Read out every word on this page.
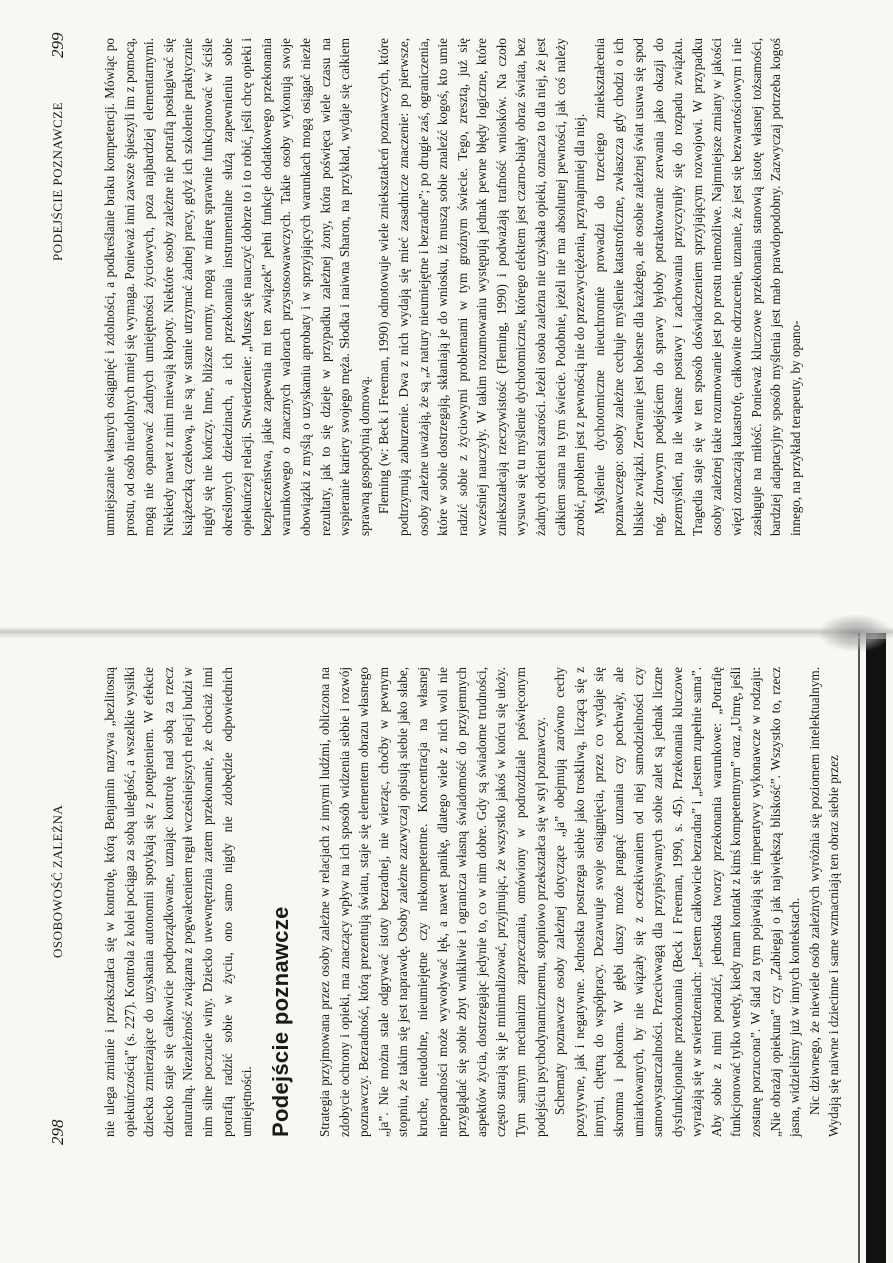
298
OSOBOWOŚĆ ZALEŻNA	nie ulega zmianie i przekształca się w kontrolę, którą Benjamin nazywa „bezlitosną opiekuńczością” (s. 227). Kontrola z kolei pociąga za sobą uległość, a wszelkie wysiłki dziecka zmierzające do uzyskania autonomii spotykają się z potępieniem. W efekcie dziecko staje się całkowicie podporządkowane, uznając kontrolę nad sobą za rzecz naturalną. Niezależność związana z pogwałceniem reguł wcześniejszych relacji budzi w nim silne poczucie winy. Dziecko uwewnętrznia zatem przekonanie, że chociaż inni potrafią radzić sobie w życiu, ono samo nigdy nie zdobędzie odpowiednich umiejętności. Podejście poznawcze Strategia przyjmowana przez osoby zależne w relacjach z innymi ludźmi, obliczona na zdobycie ochrony i opieki, ma znaczący wpływ na ich sposób widzenia siebie i rozwój poznawczy. Bezradność, którą prezentują światu, staje się elementem obrazu własnego „ja”. Nie można stale odgrywać istoty bezradnej, nie wierząc, choćby w pewnym stopniu, że takim się jest naprawdę. Osoby zależne zazwyczaj opisują siebie jako słabe, kruche, nieudolne, nieumiejętne czy niekompetentne. Koncentracja na własnej nieporadności może wywoływać lęk, a nawet panikę, dlatego wiele z nich woli nie przyglądać się sobie zbyt wnikliwie i ogranicza własną świadomość do przyjemnych aspektów życia, dostrzegając jedynie to, co w nim dobre. Gdy są świadome trudności, często starają się je minimalizować, przyjmując, że wszystko jakoś w końcu się ułoży. Tym samym mechanizm zaprzeczania, omówiony w podrozdziale poświęconym podejściu psychodynamicznemu, stopniowo przekształca się w styl poznawczy. Schematy poznawcze osoby zależnej dotyczące „ja” obejmują zarówno cechy pozytywne, jak i negatywne. Jednostka postrzega siebie jako troskliwą, liczącą się z innymi, chętną do współpracy. Dezawuuje swoje osiągnięcia, przez co wydaje się skromna i pokorna. W głębi duszy może pragnąć uznania czy pochwały, ale umiarkowanych, by nie wiązały się z oczekiwaniem od niej samodzielności czy samowystarczalności. Przeciwwagą dla przypisywanych sobie zalet są jednak liczne dysfunkcjonalne przekonania (Beck i Freeman, 1990, s. 45). Przekonania kluczowe wyrażają się w stwierdzeniach: „Jestem całkowicie bezradna” i „Jestem zupełnie sama”. Aby sobie z nimi poradzić, jednostka tworzy przekonania warunkowe: „Potrafię funkcjonować tylko wtedy, kiedy mam kontakt z kimś kompetentnym” oraz „Umrę, jeśli zostanę porzucona”. W ślad za tym pojawiają się imperatywy wykonawcze w rodzaju: „Nie obrażaj opiekuna” czy „Zabiegaj o jak największą bliskość”. Wszystko to, rzecz jasna, widzieliśmy już w innych kontekstach. Nic dziwnego, że niewiele osób zależnych wyróżnia się poziomem intelektualnym. Wydają się naiwne i dziecinne i same wzmacniają ten obraz siebie przez

PODEJŚCIE POZNAWCZE
299	umniejszanie własnych osiągnięć i zdolności, a podkreślanie braku kompetencji. Mówiąc po prostu, od osób nieudolnych mniej się wymaga. Ponieważ inni zawsze śpieszyli im z pomocą, mogą nie opanować żadnych umiejętności życiowych, poza najbardziej elementarnymi. Niekiedy nawet z nimi miewają kłopoty. Niektóre osoby zależne nie potrafią posługiwać się książeczką czekową, nie są w stanie utrzymać żadnej pracy, gdyż ich szkolenie praktycznie nigdy się nie kończy. Inne, bliższe normy, mogą w miarę sprawnie funkcjonować w ściśle określonych dziedzinach, a ich przekonania instrumentalne służą zapewnieniu sobie opiekuńczej relacji. Stwierdzenie: „Muszę się nauczyć dobrze to i to robić, jeśli chcę opieki i bezpieczeństwa, jakie zapewnia mi ten związek” pełni funkcje dodatkowego przekonania warunkowego o znacznych walorach przystosowawczych. Takie osoby wykonują swoje obowiązki z myślą o uzyskaniu aprobaty i w sprzyjających warunkach mogą osiągać niezłe rezultaty, jak to się dzieje w przypadku zależnej żony, która poświęca wiele czasu na wspieranie kariery swojego męża. Słodka i naiwna Sharon, na przykład, wydaje się całkiem sprawną gospodynią domową. Fleming (w: Beck i Freeman, 1990) odnotowuje wiele zniekształceń poznawczych, które podtrzymują zaburzenie. Dwa z nich wydają się mieć zasadnicze znaczenie: po pierwsze, osoby zależne uważają, że są „z natury nieumiejętne i bezradne”; po drugie zaś, ograniczenia, które w sobie dostrzegają, skłaniają je do wniosku, iż muszą sobie znaleźć kogoś, kto umie radzić sobie z życiowymi problemami w tym groźnym świecie. Tego, zresztą, już się wcześniej nauczyły. W takim rozumowaniu występują jednak pewne błędy logiczne, które zniekształcają rzeczywistość (Fleming, 1990) i podważają trafność wniosków. Na czoło wysuwa się tu myślenie dychotomiczne, którego efektem jest czarno-biały obraz świata, bez żadnych odcieni szarości. Jeżeli osoba zależna nie uzyskała opieki, oznacza to dla niej, że jest całkiem sama na tym świecie. Podobnie, jeżeli nie ma absolutnej pewności, jak coś należy zrobić, problem jest z pewnością nie do przezwyciężenia, przynajmniej dla niej. Myślenie dychotomiczne nieuchronnie prowadzi do trzeciego zniekształcenia poznawczego: osoby zależne cechuje myślenie katastroficzne, zwłaszcza gdy chodzi o ich bliskie związki. Zerwanie jest bolesne dla każdego, ale osobie zależnej świat usuwa się spod nóg. Zdrowym podejściem do sprawy byłoby potraktowanie zerwania jako okazji do przemyśleń, na ile własne postawy i zachowania przyczyniły się do rozpadu związku. Tragedia staje się w ten sposób doświadczeniem sprzyjającym rozwojowi. W przypadku osoby zależnej takie rozumowanie jest po prostu niemożliwe. Najmniejsze zmiany w jakości więzi oznaczają katastrofę, całkowite odrzucenie, uznanie, że jest się bezwartościowym i nie zasługuje na miłość. Ponieważ kluczowe przekonania stanowią istotę własnej tożsamości, bardziej adaptacyjny sposób myślenia jest mało prawdopodobny. Zazwyczaj potrzeba kogoś innego, na przykład terapeuty, by opano-
